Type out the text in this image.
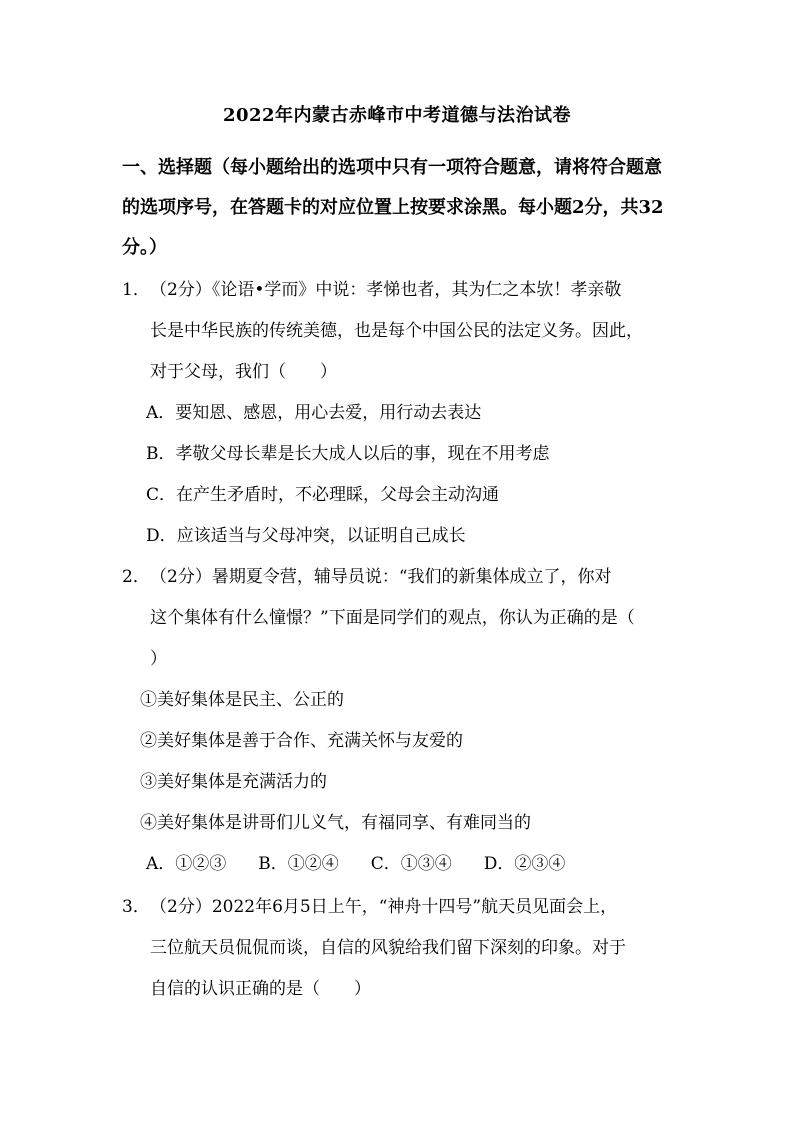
2022年内蒙古赤峰市中考道德与法治试卷
一、选择题（每小题给出的选项中只有一项符合题意，请将符合题意
的选项序号，在答题卡的对应位置上按要求涂黑。每小题2分，共32
分。）
1． （2分）《论语•学而》中说：孝悌也者，其为仁之本欤！孝亲敬
长是中华民族的传统美德，也是每个中国公民的法定义务。因此，
对于父母，我们（　　）
A．要知恩、感恩，用心去爱，用行动去表达
B．孝敬父母长辈是长大成人以后的事，现在不用考虑
C．在产生矛盾时，不必理睬，父母会主动沟通
D．应该适当与父母冲突，以证明自己成长
2． （2分）暑期夏令营，辅导员说：“我们的新集体成立了，你对
这个集体有什么憧憬？”下面是同学们的观点，你认为正确的是（
）
①美好集体是民主、公正的
②美好集体是善于合作、充满关怀与友爱的
③美好集体是充满活力的
④美好集体是讲哥们儿义气，有福同享、有难同当的
A．①②③ B．①②④ C．①③④ D．②③④
3． （2分）2022年6月5日上午，“神舟十四号”航天员见面会上，
三位航天员侃侃而谈，自信的风貌给我们留下深刻的印象。对于
自信的认识正确的是（　　）
